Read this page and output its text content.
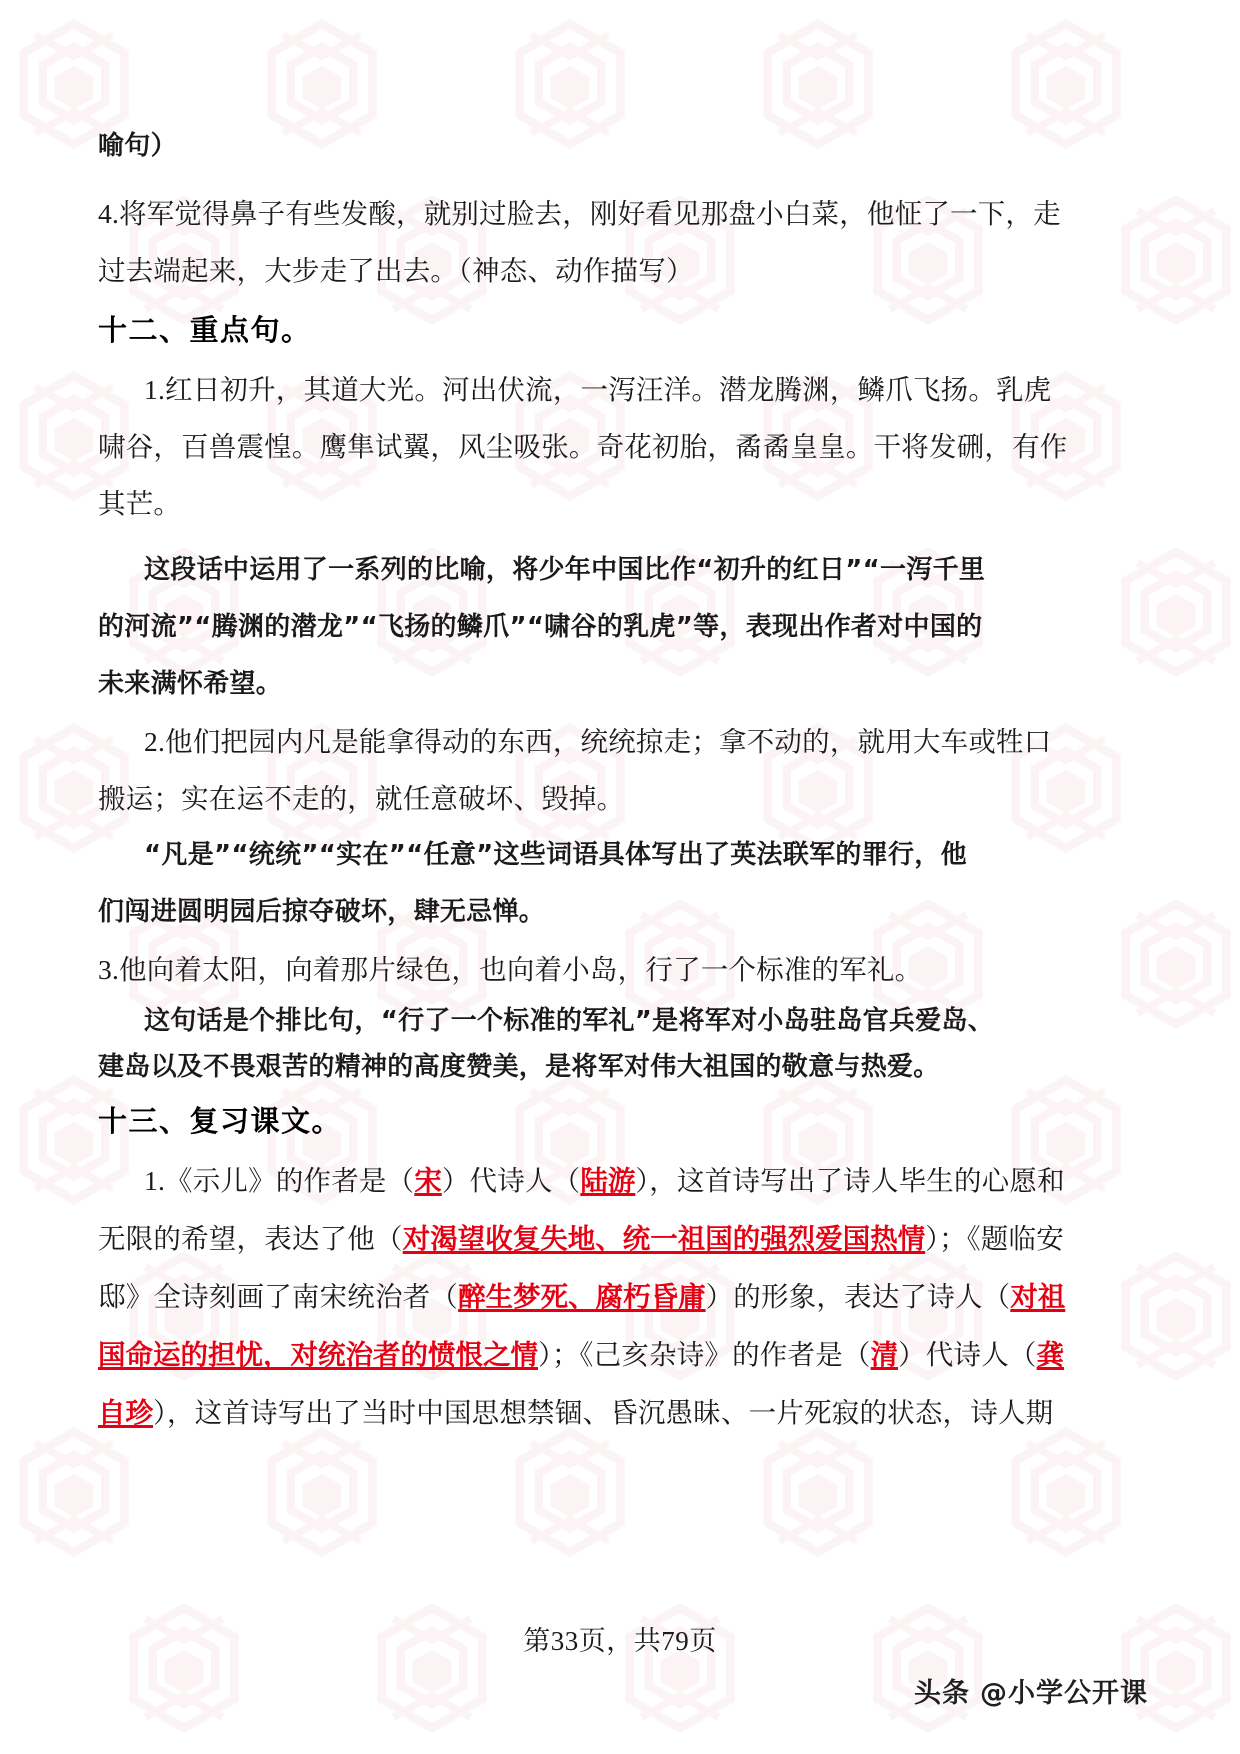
喻句）
4.将军觉得鼻子有些发酸，就别过脸去，刚好看见那盘小白菜，他怔了一下，走
过去端起来，大步走了出去。（神态、动作描写）
十二、重点句。
1.红日初升，其道大光。河出伏流，一泻汪洋。潜龙腾渊，鳞爪飞扬。乳虎
啸谷，百兽震惶。鹰隼试翼，风尘吸张。奇花初胎，矞矞皇皇。干将发硎，有作
其芒。
这段话中运用了一系列的比喻，将少年中国比作“初升的红日”“一泻千里
的河流”“腾渊的潜龙”“飞扬的鳞爪”“啸谷的乳虎”等，表现出作者对中国的
未来满怀希望。
2.他们把园内凡是能拿得动的东西，统统掠走；拿不动的，就用大车或牲口
搬运；实在运不走的，就任意破坏、毁掉。
“凡是”“统统”“实在”“任意”这些词语具体写出了英法联军的罪行，他
们闯进圆明园后掠夺破坏，肆无忌惮。
3.他向着太阳，向着那片绿色，也向着小岛，行了一个标准的军礼。
这句话是个排比句，“行了一个标准的军礼”是将军对小岛驻岛官兵爱岛、
建岛以及不畏艰苦的精神的高度赞美，是将军对伟大祖国的敬意与热爱。
十三、复习课文。
1.《示儿》的作者是（宋）代诗人（陆游），这首诗写出了诗人毕生的心愿和
无限的希望，表达了他（对渴望收复失地、统一祖国的强烈爱国热情）；《题临安
邸》全诗刻画了南宋统治者（醉生梦死、腐朽昏庸）的形象，表达了诗人（对祖
国命运的担忧，对统治者的愤恨之情）；《己亥杂诗》的作者是（清）代诗人（龚
自珍），这首诗写出了当时中国思想禁锢、昏沉愚昧、一片死寂的状态，诗人期
第33页，共79页
头条 @小学公开课
